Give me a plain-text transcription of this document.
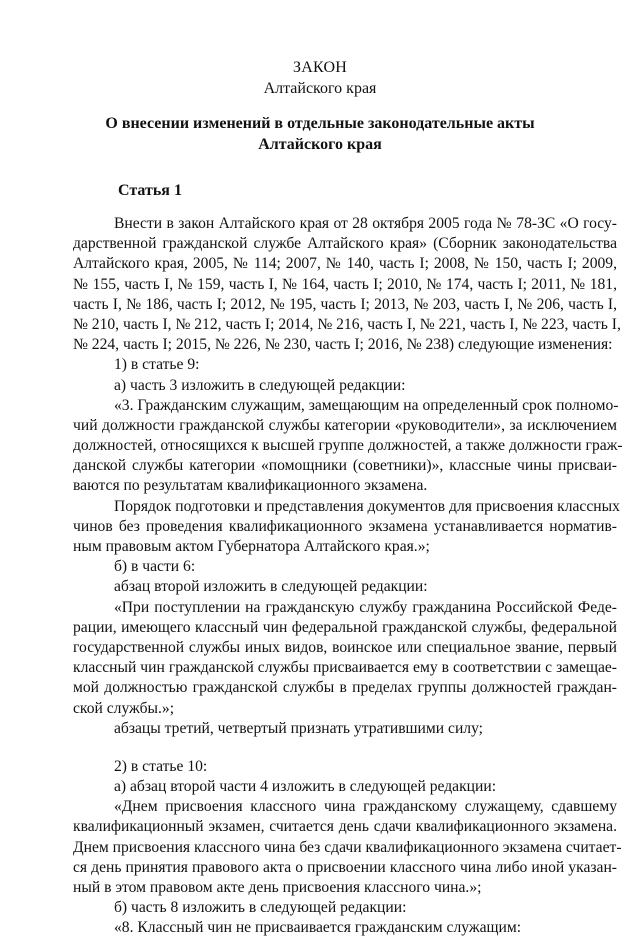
ЗАКОН
Алтайского края
О внесении изменений в отдельные законодательные акты
Алтайского края
Статья 1
Внести в закон Алтайского края от 28 октября 2005 года № 78-ЗС «О госу-
дарственной гражданской службе Алтайского края» (Сборник законодательства
Алтайского края, 2005, № 114; 2007, № 140, часть I; 2008, № 150, часть I; 2009,
№ 155, часть I, № 159, часть I, № 164, часть I; 2010, № 174, часть I; 2011, № 181,
часть I, № 186, часть I; 2012, № 195, часть I; 2013, № 203, часть I, № 206, часть I,
№ 210, часть I, № 212, часть I; 2014, № 216, часть I, № 221, часть I, № 223, часть I,
№ 224, часть I; 2015, № 226, № 230, часть I; 2016, № 238) следующие изменения:
1) в статье 9:
а) часть 3 изложить в следующей редакции:
«3. Гражданским служащим, замещающим на определенный срок полномо-
чий должности гражданской службы категории «руководители», за исключением
должностей, относящихся к высшей группе должностей, а также должности граж-
данской службы категории «помощники (советники)», классные чины присваи-
ваются по результатам квалификационного экзамена.
Порядок подготовки и представления документов для присвоения классных
чинов без проведения квалификационного экзамена устанавливается норматив-
ным правовым актом Губернатора Алтайского края.»;
б) в части 6:
абзац второй изложить в следующей редакции:
«При поступлении на гражданскую службу гражданина Российской Феде-
рации, имеющего классный чин федеральной гражданской службы, федеральной
государственной службы иных видов, воинское или специальное звание, первый
классный чин гражданской службы присваивается ему в соответствии с замещае-
мой должностью гражданской службы в пределах группы должностей граждан-
ской службы.»;
абзацы третий, четвертый признать утратившими силу;
2) в статье 10:
а) абзац второй части 4 изложить в следующей редакции:
«Днем присвоения классного чина гражданскому служащему, сдавшему
квалификационный экзамен, считается день сдачи квалификационного экзамена.
Днем присвоения классного чина без сдачи квалификационного экзамена считает-
ся день принятия правового акта о присвоении классного чина либо иной указан-
ный в этом правовом акте день присвоения классного чина.»;
б) часть 8 изложить в следующей редакции:
«8. Классный чин не присваивается гражданским служащим:
